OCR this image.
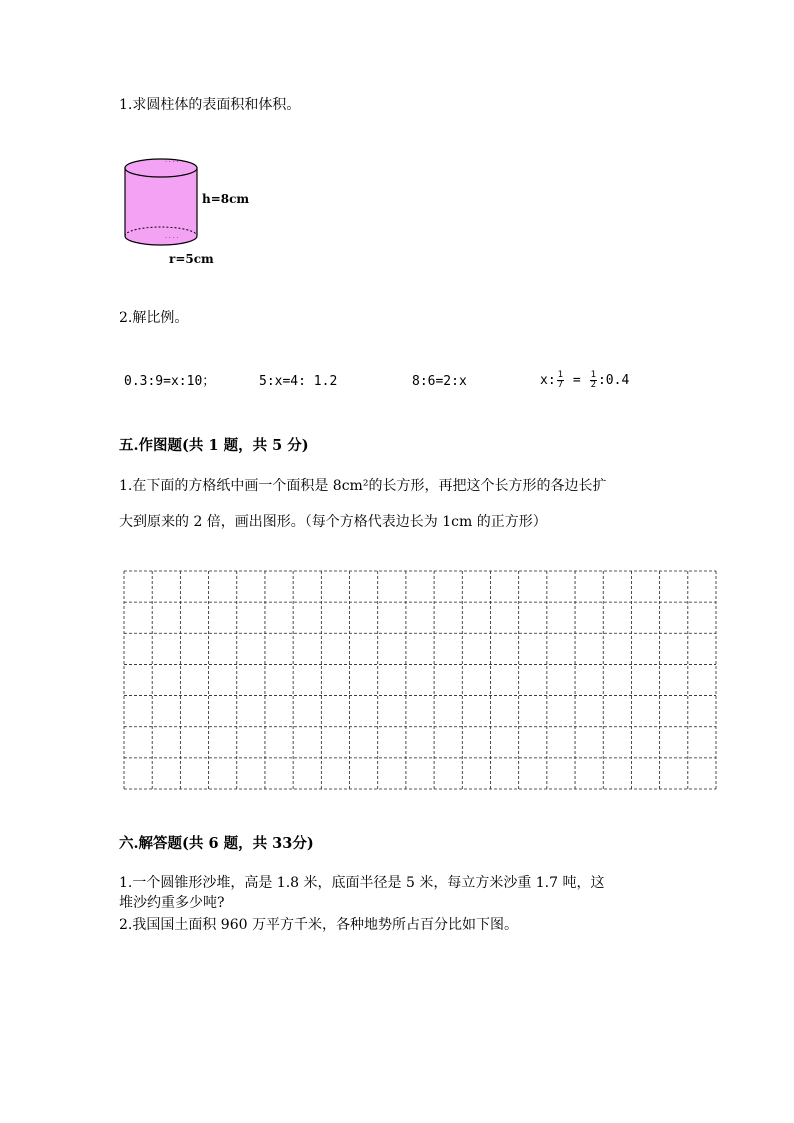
1.求圆柱体的表面积和体积。
· · · ·
· · · ·
h=8cm
r=5cm
2.解比例。
0.3:9=x:10；	5:x=4: 1.2	8:6=2:x	x: $\frac{1}{7} = \frac{1}{2}$ :0.4
五.作图题(共 1 题，共 5 分)
1.在下面的方格纸中画一个面积是 8cm²的长方形，再把这个长方形的各边长扩
大到原来的 2 倍，画出图形。（每个方格代表边长为 1cm 的正方形）
六.解答题(共 6 题，共 33分)
1.一个圆锥形沙堆，高是 1.8 米，底面半径是 5 米，每立方米沙重 1.7 吨，这
堆沙约重多少吨?
2.我国国土面积 960 万平方千米，各种地势所占百分比如下图。
